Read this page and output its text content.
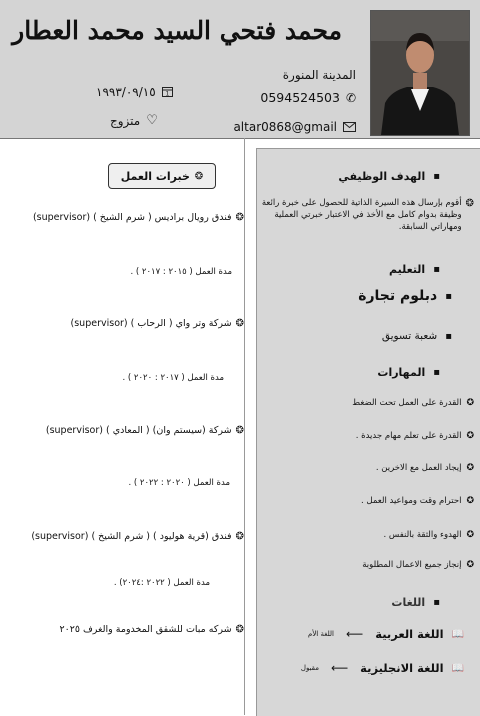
محمد فتحي السيد محمد العطار
المدينة المنورة
✆
0594524503
altar0868@gmail
١٩٩٣/٠٩/١٥ 1
متزوج ♡
▪
الهدف الوظيفي
❂
أقوم بإرسال هذه السيرة الذاتية للحصول على خبرة رائعة
وظيفة بدوام كامل مع الأخذ في الاعتبار خبرتي العملية
ومهاراتي السابقة.
▪
التعليم
▪
دبلوم تجارة
▪
شعبة تسويق
▪
المهارات
✪
القدرة على العمل تحت الضغط
✪
القدرة على تعلم مهام جديدة .
✪
إيجاد العمل مع الاخرين .
✪
احترام وقت ومواعيد العمل .
✪
الهدوء والثقة بالنفس .
✪
إنجاز جميع الاعمال المطلوبة
▪
اللغات
📖
اللغة العربية
⟵
اللغة الأم
📖
اللغة الانجليزية
⟵
مقبول
❂
خبرات العمل
❂
فندق رويال براديس ( شرم الشيخ ) (supervisor)
مدة العمل ( ٢٠١٥ : ٢٠١٧ ) .
❂
شركة وتر واي ( الرحاب ) (supervisor)
مدة العمل ( ٢٠١٧ : ٢٠٢٠ ) .
❂
شركة (سيستم وان) ( المعادي ) (supervisor)
مدة العمل ( ٢٠٢٠ : ٢٠٢٢ ) .
❂
فندق (قرية هوليود ) ( شرم الشيخ ) (supervisor)
مدة العمل ( ٢٠٢٢ :٢٠٢٤) .
❂
شركه مبات للشقق المخدومة والغرف ٢٠٢٥
